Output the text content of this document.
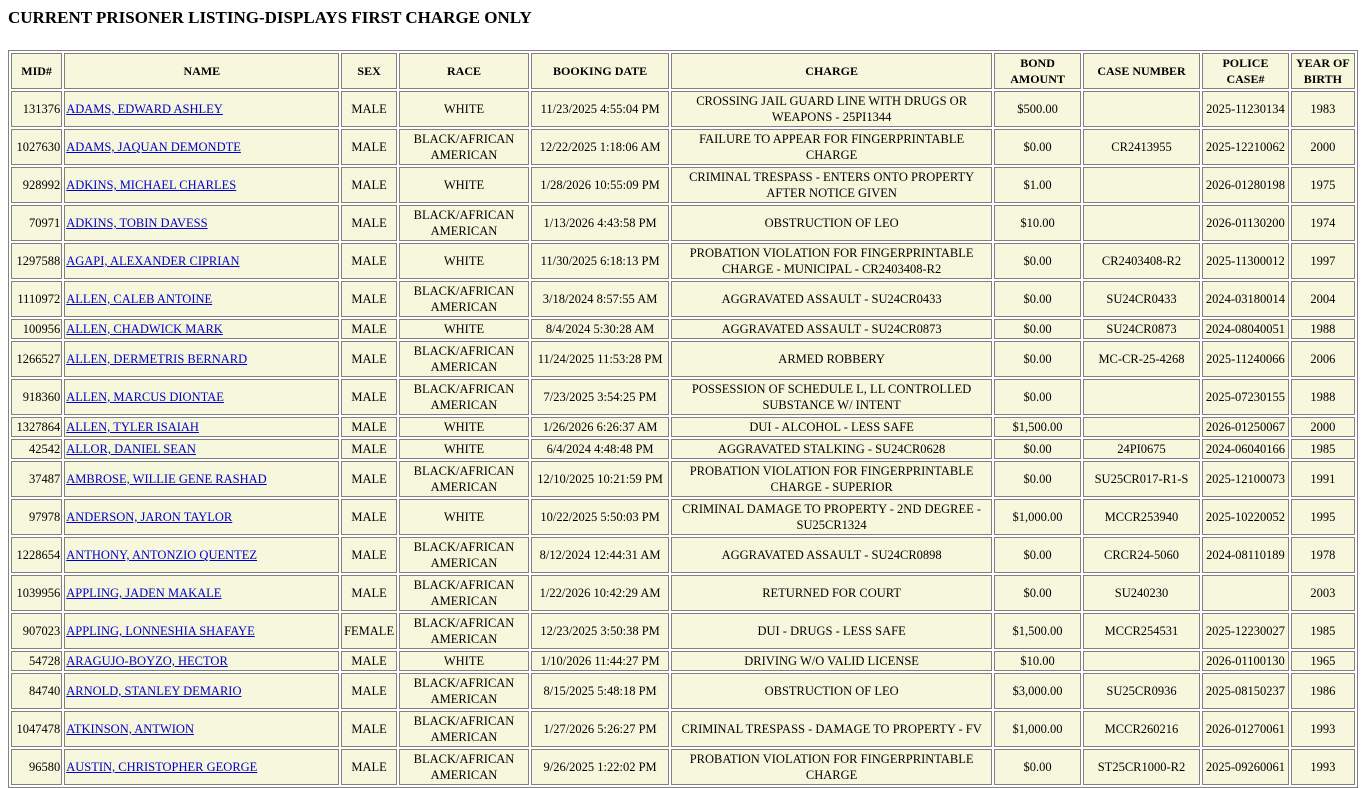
CURRENT PRISONER LISTING-DISPLAYS FIRST CHARGE ONLY
MID#	NAME	SEX	RACE	BOOKING DATE	CHARGE	BOND AMOUNT	CASE NUMBER	POLICE CASE#	YEAR OF BIRTH
131376	ADAMS, EDWARD ASHLEY	MALE	WHITE	11/23/2025 4:55:04 PM	CROSSING JAIL GUARD LINE WITH DRUGS OR WEAPONS - 25PI1344	$500.00		2025-11230134	1983
1027630	ADAMS, JAQUAN DEMONDTE	MALE	BLACK/AFRICAN AMERICAN	12/22/2025 1:18:06 AM	FAILURE TO APPEAR FOR FINGERPRINTABLE CHARGE	$0.00	CR2413955	2025-12210062	2000
928992	ADKINS, MICHAEL CHARLES	MALE	WHITE	1/28/2026 10:55:09 PM	CRIMINAL TRESPASS - ENTERS ONTO PROPERTY AFTER NOTICE GIVEN	$1.00		2026-01280198	1975
70971	ADKINS, TOBIN DAVESS	MALE	BLACK/AFRICAN AMERICAN	1/13/2026 4:43:58 PM	OBSTRUCTION OF LEO	$10.00		2026-01130200	1974
1297588	AGAPI, ALEXANDER CIPRIAN	MALE	WHITE	11/30/2025 6:18:13 PM	PROBATION VIOLATION FOR FINGERPRINTABLE CHARGE - MUNICIPAL - CR2403408-R2	$0.00	CR2403408-R2	2025-11300012	1997
1110972	ALLEN, CALEB ANTOINE	MALE	BLACK/AFRICAN AMERICAN	3/18/2024 8:57:55 AM	AGGRAVATED ASSAULT - SU24CR0433	$0.00	SU24CR0433	2024-03180014	2004
100956	ALLEN, CHADWICK MARK	MALE	WHITE	8/4/2024 5:30:28 AM	AGGRAVATED ASSAULT - SU24CR0873	$0.00	SU24CR0873	2024-08040051	1988
1266527	ALLEN, DERMETRIS BERNARD	MALE	BLACK/AFRICAN AMERICAN	11/24/2025 11:53:28 PM	ARMED ROBBERY	$0.00	MC-CR-25-4268	2025-11240066	2006
918360	ALLEN, MARCUS DIONTAE	MALE	BLACK/AFRICAN AMERICAN	7/23/2025 3:54:25 PM	POSSESSION OF SCHEDULE L, LL CONTROLLED SUBSTANCE W/ INTENT	$0.00		2025-07230155	1988
1327864	ALLEN, TYLER ISAIAH	MALE	WHITE	1/26/2026 6:26:37 AM	DUI - ALCOHOL - LESS SAFE	$1,500.00		2026-01250067	2000
42542	ALLOR, DANIEL SEAN	MALE	WHITE	6/4/2024 4:48:48 PM	AGGRAVATED STALKING - SU24CR0628	$0.00	24PI0675	2024-06040166	1985
37487	AMBROSE, WILLIE GENE RASHAD	MALE	BLACK/AFRICAN AMERICAN	12/10/2025 10:21:59 PM	PROBATION VIOLATION FOR FINGERPRINTABLE CHARGE - SUPERIOR	$0.00	SU25CR017-R1-S	2025-12100073	1991
97978	ANDERSON, JARON TAYLOR	MALE	WHITE	10/22/2025 5:50:03 PM	CRIMINAL DAMAGE TO PROPERTY - 2ND DEGREE - SU25CR1324	$1,000.00	MCCR253940	2025-10220052	1995
1228654	ANTHONY, ANTONZIO QUENTEZ	MALE	BLACK/AFRICAN AMERICAN	8/12/2024 12:44:31 AM	AGGRAVATED ASSAULT - SU24CR0898	$0.00	CRCR24-5060	2024-08110189	1978
1039956	APPLING, JADEN MAKALE	MALE	BLACK/AFRICAN AMERICAN	1/22/2026 10:42:29 AM	RETURNED FOR COURT	$0.00	SU240230		2003
907023	APPLING, LONNESHIA SHAFAYE	FEMALE	BLACK/AFRICAN AMERICAN	12/23/2025 3:50:38 PM	DUI - DRUGS - LESS SAFE	$1,500.00	MCCR254531	2025-12230027	1985
54728	ARAGUJO-BOYZO, HECTOR	MALE	WHITE	1/10/2026 11:44:27 PM	DRIVING W/O VALID LICENSE	$10.00		2026-01100130	1965
84740	ARNOLD, STANLEY DEMARIO	MALE	BLACK/AFRICAN AMERICAN	8/15/2025 5:48:18 PM	OBSTRUCTION OF LEO	$3,000.00	SU25CR0936	2025-08150237	1986
1047478	ATKINSON, ANTWION	MALE	BLACK/AFRICAN AMERICAN	1/27/2026 5:26:27 PM	CRIMINAL TRESPASS - DAMAGE TO PROPERTY - FV	$1,000.00	MCCR260216	2026-01270061	1993
96580	AUSTIN, CHRISTOPHER GEORGE	MALE	BLACK/AFRICAN AMERICAN	9/26/2025 1:22:02 PM	PROBATION VIOLATION FOR FINGERPRINTABLE CHARGE	$0.00	ST25CR1000-R2	2025-09260061	1993
